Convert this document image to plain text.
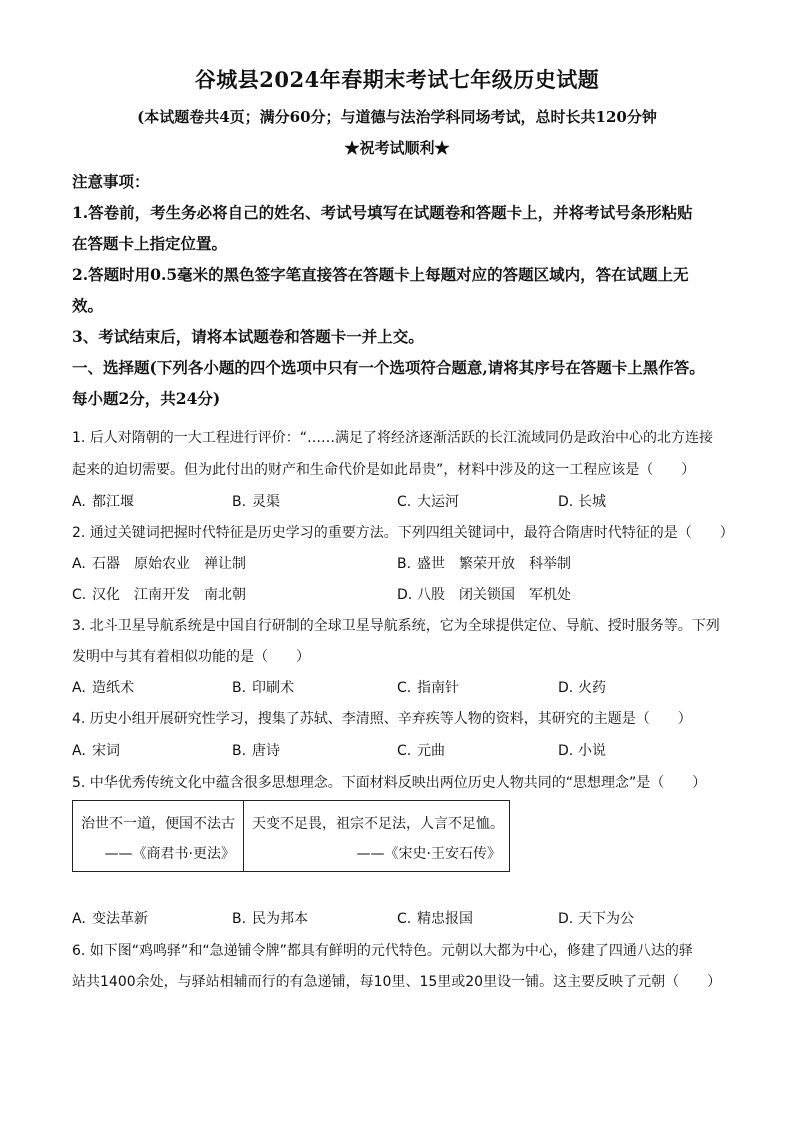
谷城县2024年春期末考试七年级历史试题
(本试题卷共4页；满分60分；与道德与法治学科同场考试，总时长共120分钟
★祝考试顺利★
注意事项：
1.答卷前，考生务必将自己的姓名、考试号填写在试题卷和答题卡上，并将考试号条形粘贴
在答题卡上指定位置。
2.答题时用0.5毫米的黑色签字笔直接答在答题卡上每题对应的答题区域内，答在试题上无
效。
3、考试结束后，请将本试题卷和答题卡一并上交。
一、选择题(下列各小题的四个选项中只有一个选项符合题意,请将其序号在答题卡上黑作答。
每小题2分，共24分)
1. 后人对隋朝的一大工程进行评价：“……满足了将经济逐渐活跃的长江流域同仍是政治中心的北方连接
起来的迫切需要。但为此付出的财产和生命代价是如此昂贵”，材料中涉及的这一工程应该是（　　）
A. 都江堰	B. 灵渠	C. 大运河	D. 长城
2. 通过关键词把握时代特征是历史学习的重要方法。下列四组关键词中，最符合隋唐时代特征的是（　　）
A. 石器　原始农业　禅让制	B. 盛世　繁荣开放　科举制
C. 汉化　江南开发　南北朝	D. 八股　闭关锁国　军机处
3. 北斗卫星导航系统是中国自行研制的全球卫星导航系统，它为全球提供定位、导航、授时服务等。下列
发明中与其有着相似功能的是（　　）
A. 造纸术	B. 印刷术	C. 指南针	D. 火药
4. 历史小组开展研究性学习，搜集了苏轼、李清照、辛弃疾等人物的资料，其研究的主题是（　　）
A. 宋词	B. 唐诗	C. 元曲	D. 小说
5. 中华优秀传统文化中蕴含很多思想理念。下面材料反映出两位历史人物共同的“思想理念”是（　　）
治世不一道，便国不法古
——《商君书·更法》
天变不足畏，祖宗不足法，人言不足恤。
——《宋史·王安石传》
A. 变法革新	B. 民为邦本	C. 精忠报国	D. 天下为公
6. 如下图“鸡鸣驿”和“急递铺令牌”都具有鲜明的元代特色。元朝以大都为中心，修建了四通八达的驿
站共1400余处，与驿站相辅而行的有急递铺，每10里、15里或20里设一铺。这主要反映了元朝（　　）
